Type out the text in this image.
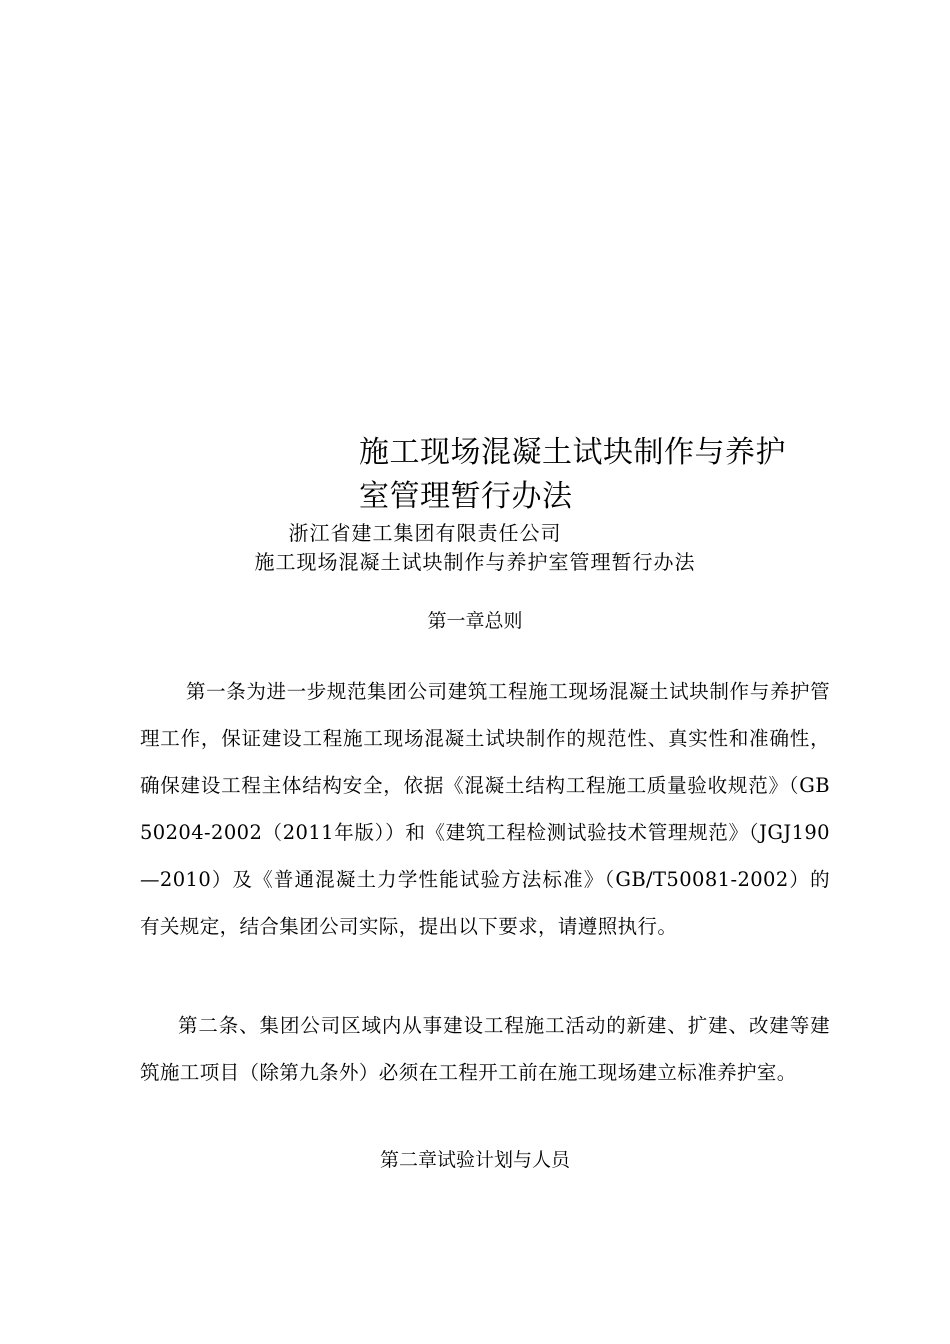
施工现场混凝土试块制作与养护
室管理暂行办法
浙江省建工集团有限责任公司
施工现场混凝土试块制作与养护室管理暂行办法
第一章总则

第一条为进一步规范集团公司建筑工程施工现场混凝土试块制作与养护管理工作，保证建设工程施工现场混凝土试块制作的规范性、真实性和准确性，确保建设工程主体结构安全，依据《混凝土结构工程施工质量验收规范》（GB50204-2002（2011年版））和《建筑工程检测试验技术管理规范》（JGJ190—2010）及《普通混凝土力学性能试验方法标准》（GB/T50081-2002）的有关规定，结合集团公司实际，提出以下要求，请遵照执行。

第二条、集团公司区域内从事建设工程施工活动的新建、扩建、改建等建筑施工项目（除第九条外）必须在工程开工前在施工现场建立标准养护室。

第二章试验计划与人员
